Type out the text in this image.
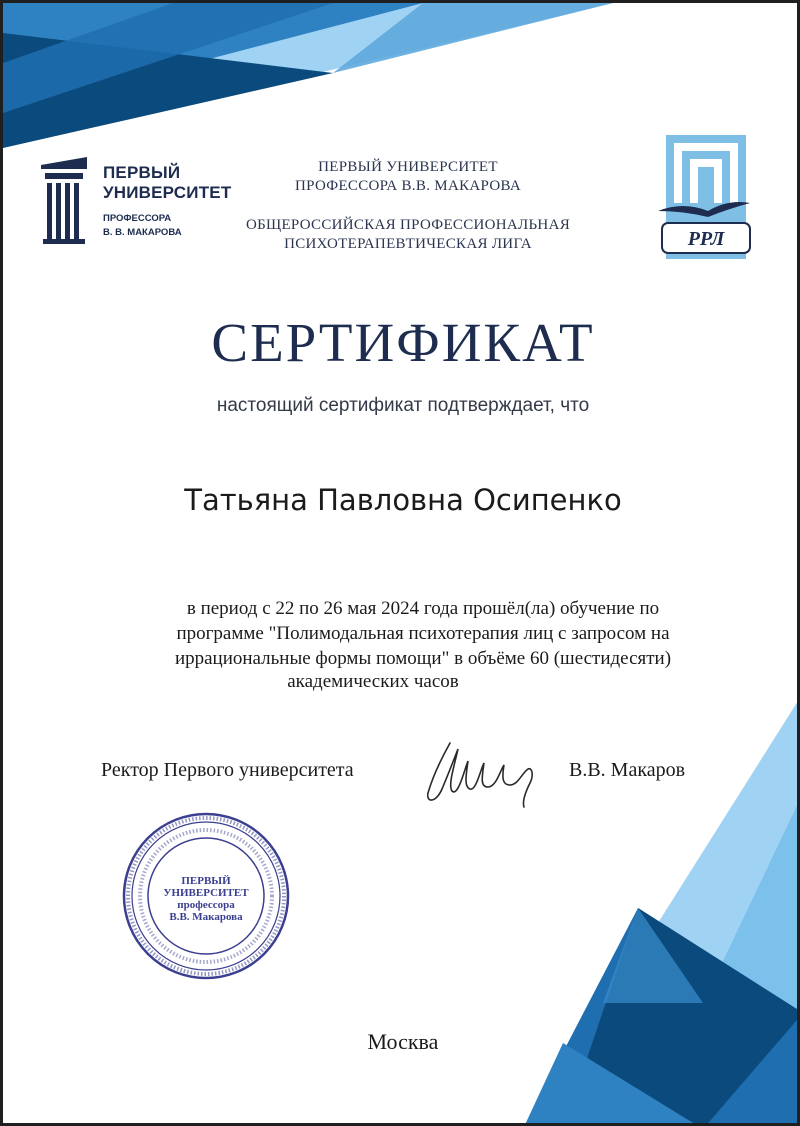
ПЕРВЫЙ
УНИВЕРСИТЕТ
ПРОФЕССОРА
В. В. МАКАРОВА
ПЕРВЫЙ УНИВЕРСИТЕТ
ПРОФЕССОРА В.В. МАКАРОВА
ОБЩЕРОССИЙСКАЯ ПРОФЕССИОНАЛЬНАЯ
ПСИХОТЕРАПЕВТИЧЕСКАЯ ЛИГА	РРЛ
СЕРТИФИКАТ
настоящий сертификат подтверждает, что
Татьяна Павловна Осипенко
в период с 22 по 26 мая 2024 года прошёл(ла) обучение по
программе "Полимодальная психотерапия лиц с запросом на
иррациональные формы помощи" в объёме 60 (шестидесяти)
академических часов
Ректор Первого университета	В.В. Макаров
ПЕРВЫЙ
УНИВЕРСИТЕТ
профессора
В.В. Макарова
Москва
